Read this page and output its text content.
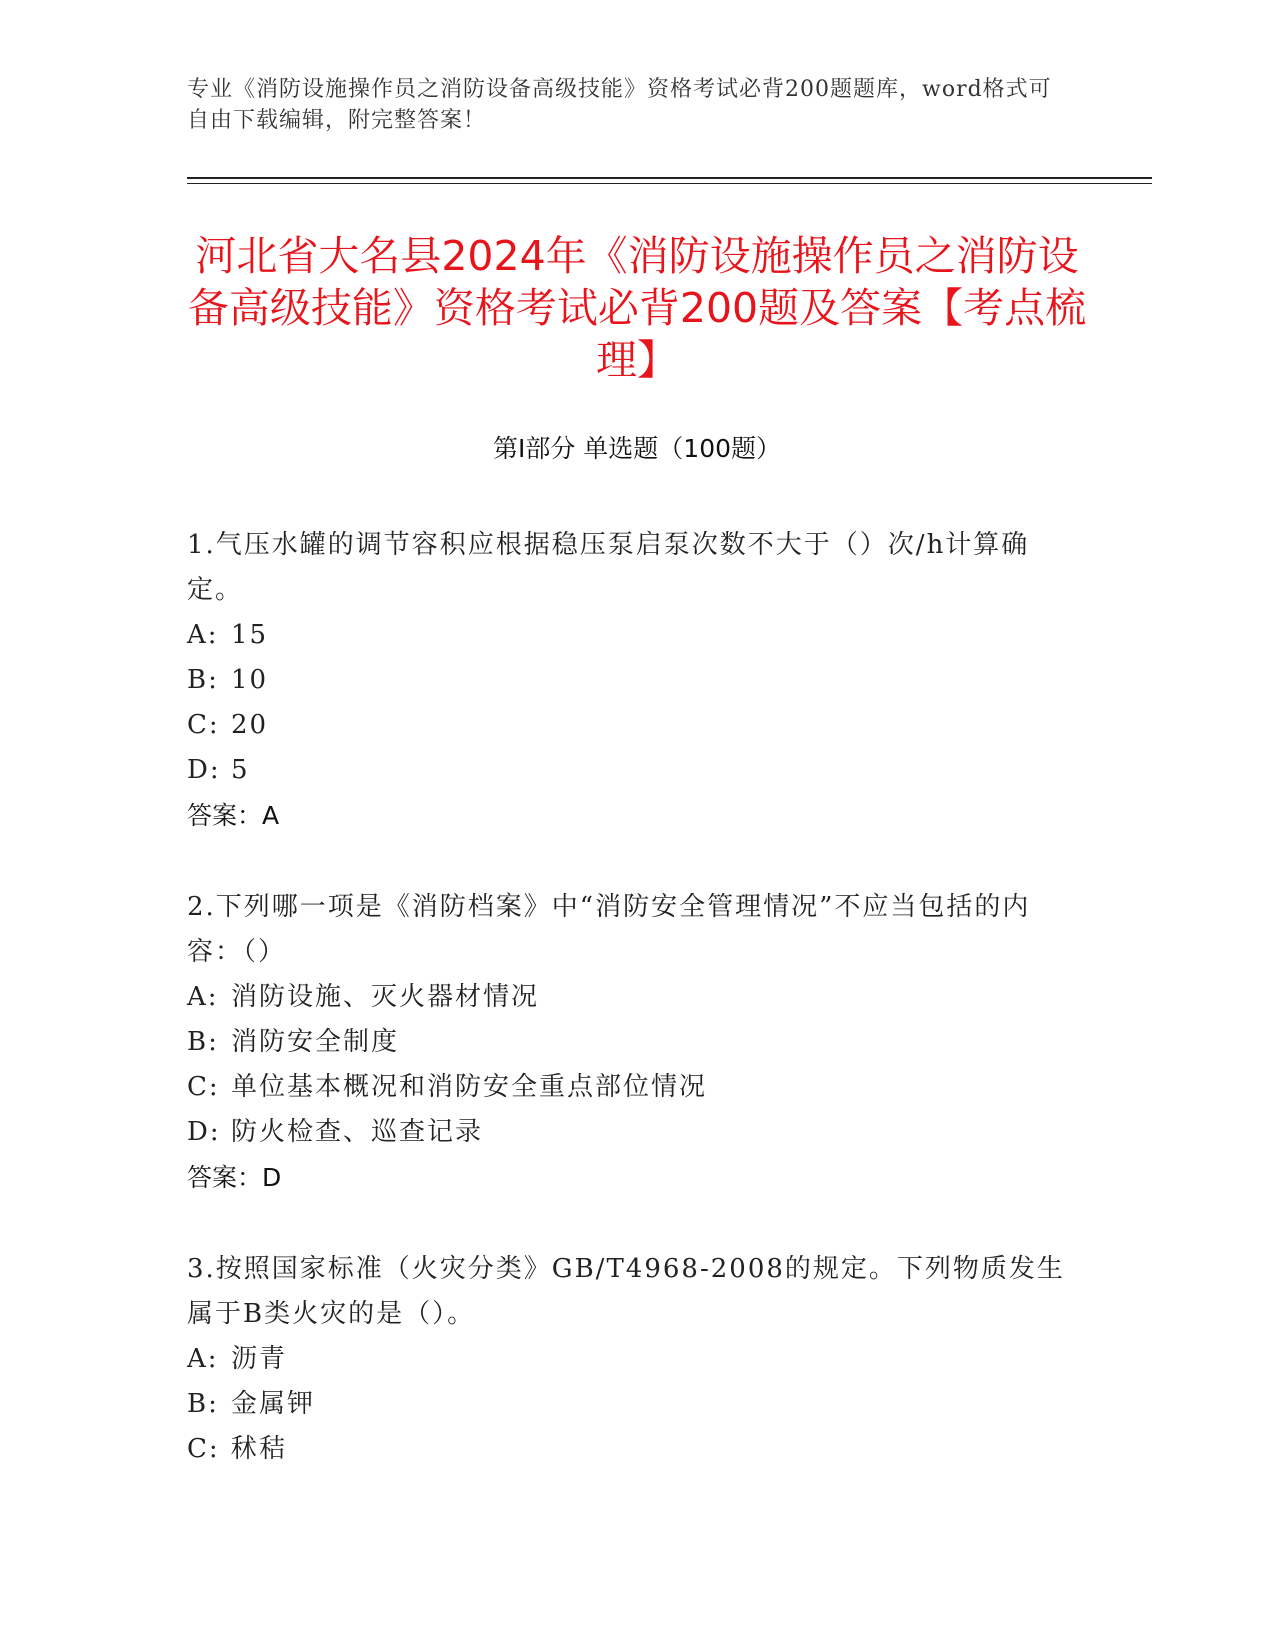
专业《消防设施操作员之消防设备高级技能》资格考试必背200题题库，word格式可自由下载编辑，附完整答案！
河北省大名县2024年《消防设施操作员之消防设备高级技能》资格考试必背200题及答案【考点梳理】
第I部分 单选题（100题）
1.气压水罐的调节容积应根据稳压泵启泵次数不大于（）次/h计算确定。
A: 15
B: 10
C: 20
D: 5
答案：A
2.下列哪一项是《消防档案》中“消防安全管理情况”不应当包括的内容：（）
A: 消防设施、灭火器材情况
B: 消防安全制度
C: 单位基本概况和消防安全重点部位情况
D: 防火检查、巡查记录
答案：D
3.按照国家标准（火灾分类》GB/T4968-2008的规定。下列物质发生属于B类火灾的是（）。
A: 沥青
B: 金属钾
C: 秫秸
